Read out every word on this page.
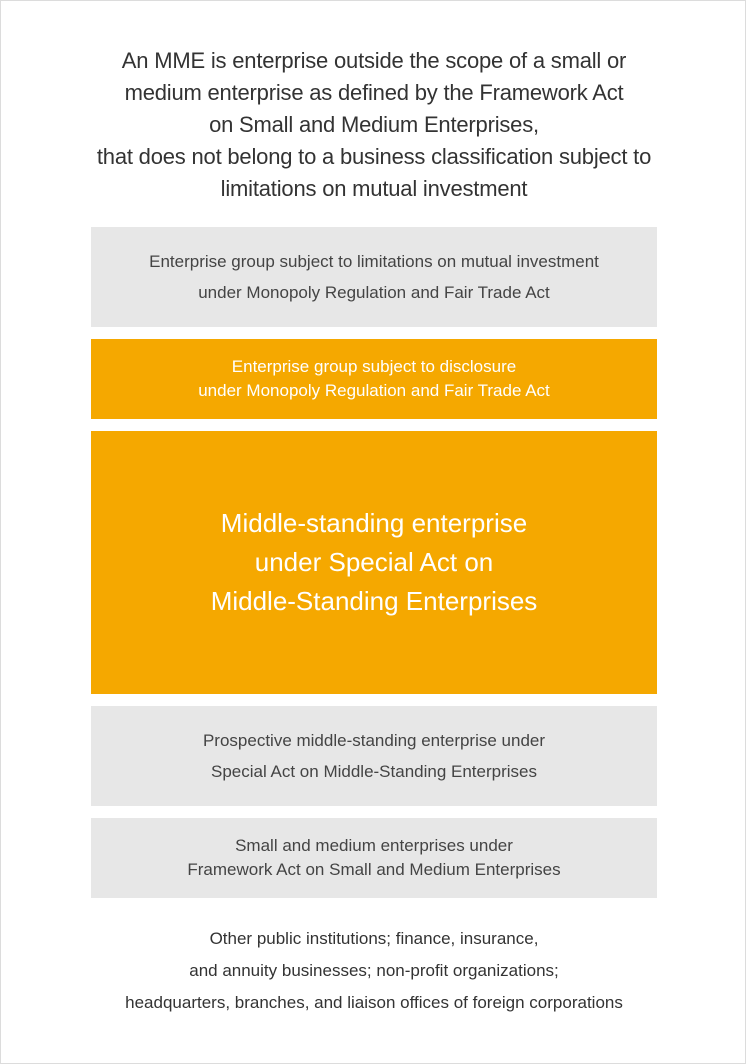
An MME is enterprise outside the scope of a small or
medium enterprise as defined by the Framework Act
on Small and Medium Enterprises,
that does not belong to a business classification subject to
limitations on mutual investment
Enterprise group subject to limitations on mutual investment
under Monopoly Regulation and Fair Trade Act
Enterprise group subject to disclosure
under Monopoly Regulation and Fair Trade Act
Middle-standing enterprise
under Special Act on
Middle-Standing Enterprises
Prospective middle-standing enterprise under
Special Act on Middle-Standing Enterprises
Small and medium enterprises under
Framework Act on Small and Medium Enterprises
Other public institutions; finance, insurance,
and annuity businesses; non-profit organizations;
headquarters, branches, and liaison offices of foreign corporations
